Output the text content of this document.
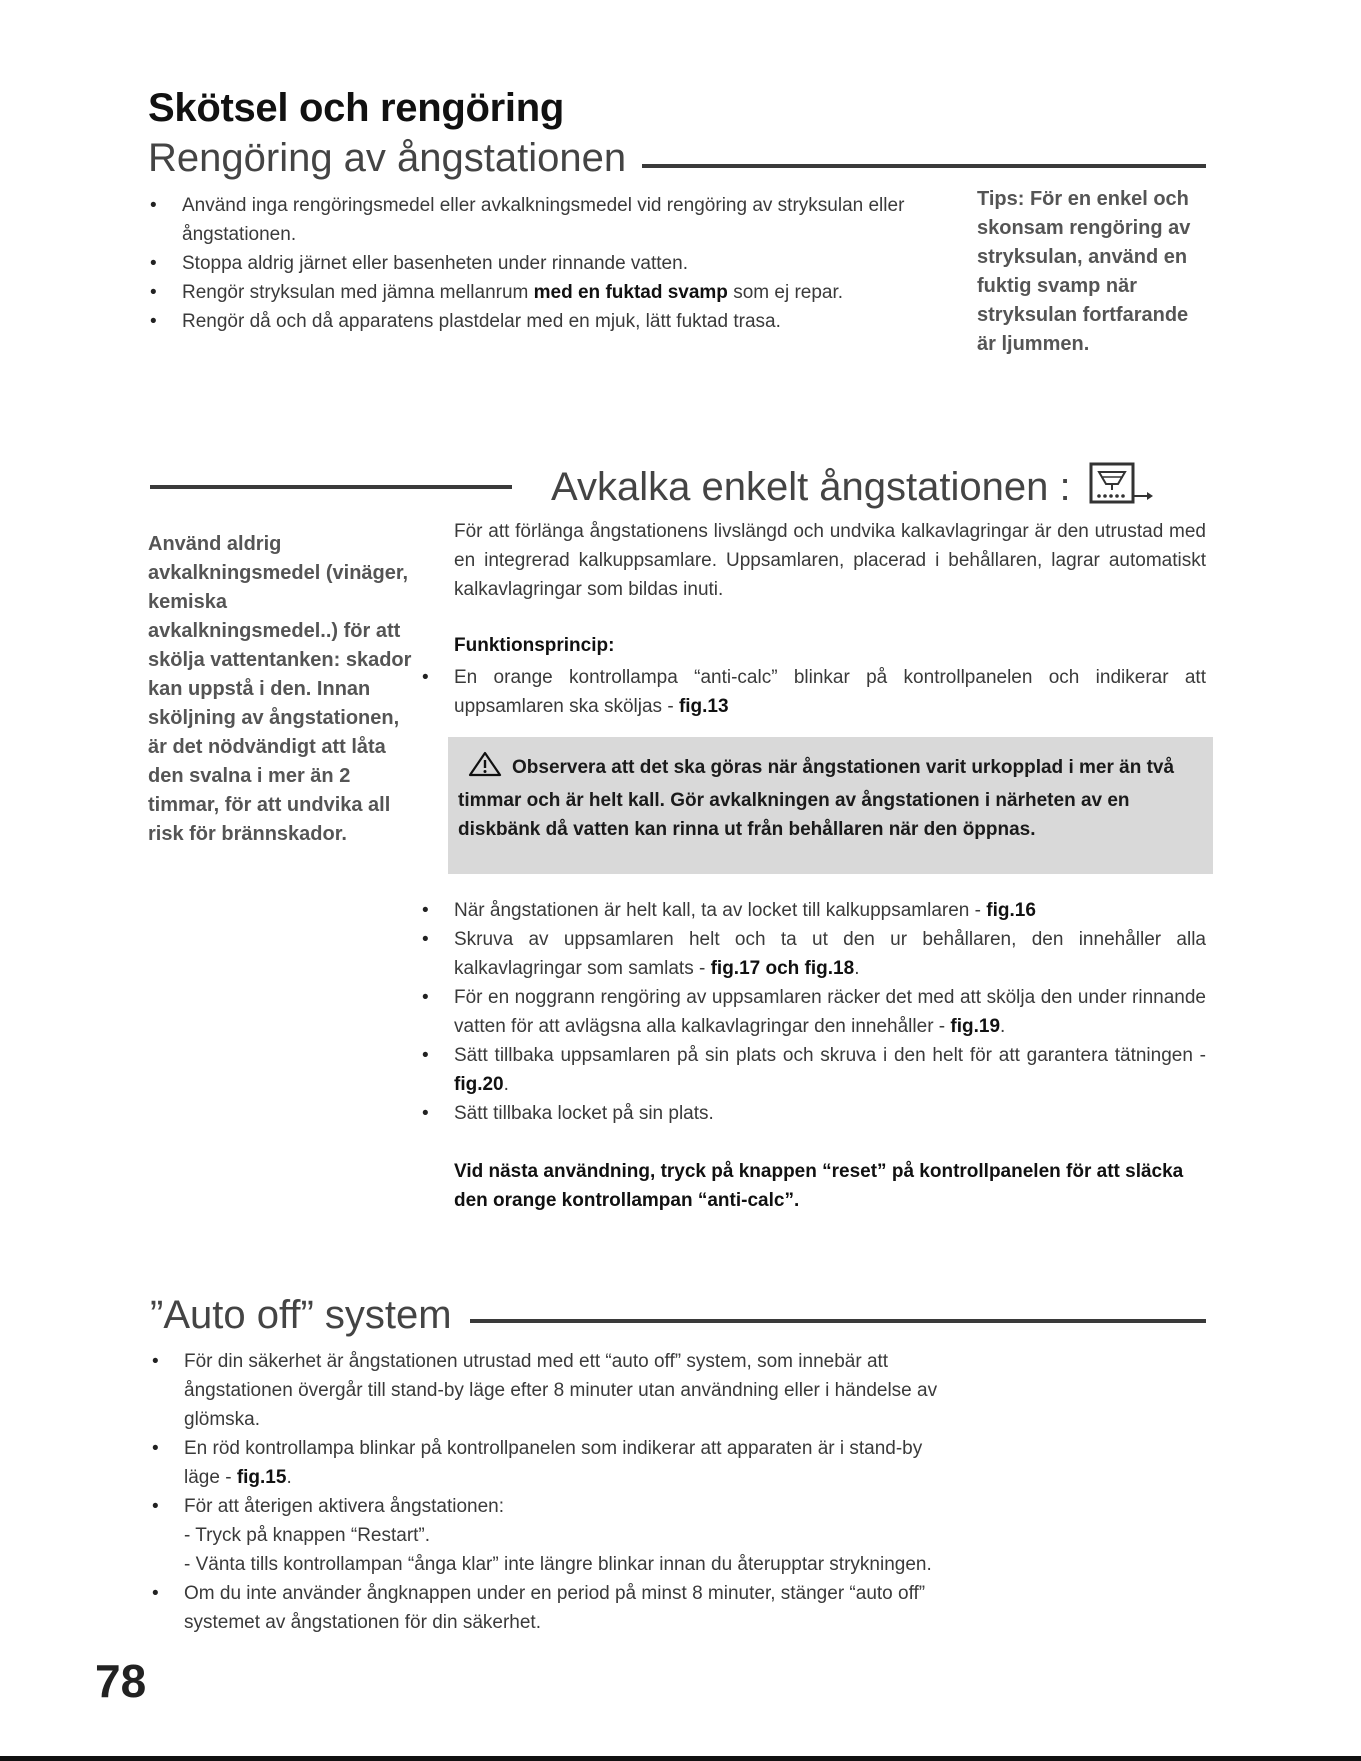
Skötsel och rengöring
Rengöring av ångstationen
• Använd inga rengöringsmedel eller avkalkningsmedel vid rengöring av stryksulan eller ångstationen.
• Stoppa aldrig järnet eller basenheten under rinnande vatten.
• Rengör stryksulan med jämna mellanrum med en fuktad svamp som ej repar.
• Rengör då och då apparatens plastdelar med en mjuk, lätt fuktad trasa.
Tips: För en enkel och skonsam rengöring av stryksulan, använd en fuktig svamp när stryksulan fortfarande är ljummen.
Avkalka enkelt ångstationen :
Använd aldrig avkalkningsmedel (vinäger, kemiska avkalkningsmedel..) för att skölja vattentanken: skador kan uppstå i den. Innan sköljning av ångstationen, är det nödvändigt att låta den svalna i mer än 2 timmar, för att undvika all risk för brännskador.
För att förlänga ångstationens livslängd och undvika kalkavlagringar är den utrustad med en integrerad kalkuppsamlare. Uppsamlaren, placerad i behållaren, lagrar automatiskt kalkavlagringar som bildas inuti.

Funktionsprincip:

• En orange kontrollampa “anti-calc” blinkar på kontrollpanelen och indikerar att uppsamlaren ska sköljas - fig.13
Observera att det ska göras när ångstationen varit urkopplad i mer än två timmar och är helt kall. Gör avkalkningen av ångstationen i närheten av en diskbänk då vatten kan rinna ut från behållaren när den öppnas.
• När ångstationen är helt kall, ta av locket till kalkuppsamlaren - fig.16
• Skruva av uppsamlaren helt och ta ut den ur behållaren, den innehåller alla kalkavlagringar som samlats - fig.17 och fig.18.
• För en noggrann rengöring av uppsamlaren räcker det med att skölja den under rinnande vatten för att avlägsna alla kalkavlagringar den innehåller - fig.19.
• Sätt tillbaka uppsamlaren på sin plats och skruva i den helt för att garantera tätningen - fig.20.
• Sätt tillbaka locket på sin plats.
Vid nästa användning, tryck på knappen “reset” på kontrollpanelen för att släcka den orange kontrollampan “anti-calc”.
”Auto off” system
• För din säkerhet är ångstationen utrustad med ett “auto off” system, som innebär att ångstationen övergår till stand-by läge efter 8 minuter utan användning eller i händelse av glömska.
• En röd kontrollampa blinkar på kontrollpanelen som indikerar att apparaten är i stand-by läge - fig.15.
• För att återigen aktivera ångstationen:
- Tryck på knappen “Restart”.
- Vänta tills kontrollampan “ånga klar” inte längre blinkar innan du återupptar strykningen.
• Om du inte använder ångknappen under en period på minst 8 minuter, stänger “auto off” systemet av ångstationen för din säkerhet.
78
